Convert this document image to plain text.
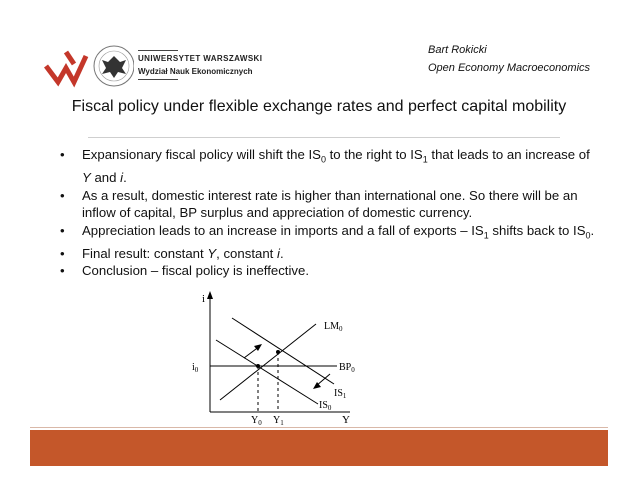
UNIWERSYTET WARSZAWSKI
Wydział Nauk Ekonomicznych
Bart Rokicki
Open Economy Macroeconomics
Fiscal policy under flexible exchange rates and perfect capital mobility
• Expansionary fiscal policy will shift the $IS_0$ to the right to $IS_1$ that leads to an increase of Y and i.
• As a result, domestic interest rate is higher than international one. So there will be an inflow of capital, BP surplus and appreciation of domestic currency.
• Appreciation leads to an increase in imports and a fall of exports – $IS_1$ shifts back to $IS_0$.
• Final result: constant Y, constant i.
• Conclusion – fiscal policy is ineffective.
i
Y
$i_0$	$BP_0$
$LM_0$
$IS_0$
$IS_1$
$Y_0$ $Y_1$
